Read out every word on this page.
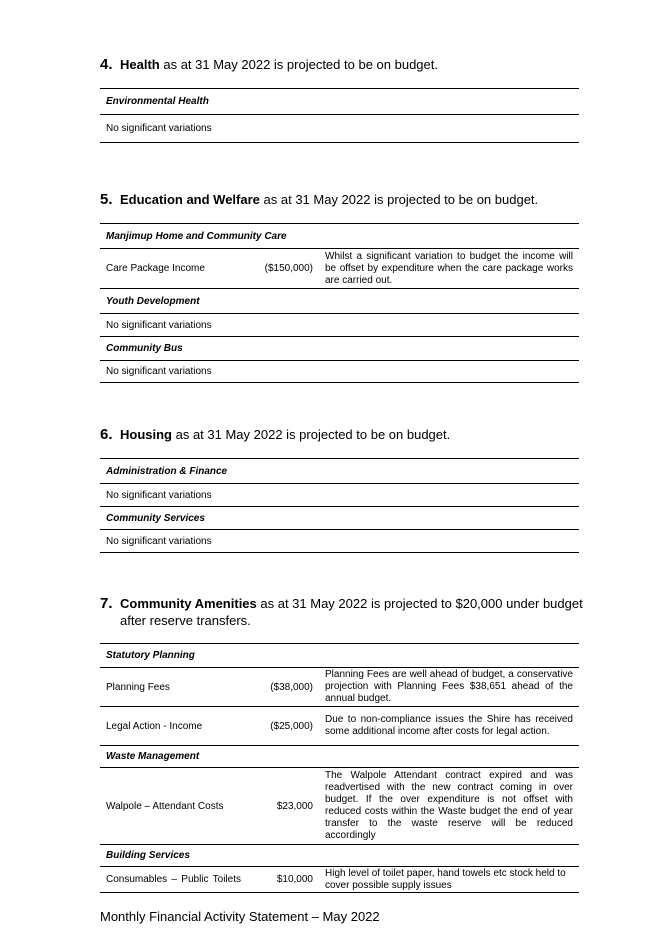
4. Health as at 31 May 2022 is projected to be on budget.
Environmental Health
No significant variations
5. Education and Welfare as at 31 May 2022 is projected to be on budget.
Manjimup Home and Community Care
Care Package Income	($150,000)	Whilst a significant variation to budget the income will be offset by expenditure when the care package works are carried out.
Youth Development
No significant variations
Community Bus
No significant variations
6. Housing as at 31 May 2022 is projected to be on budget.
Administration & Finance
No significant variations
Community Services
No significant variations
7. Community Amenities as at 31 May 2022 is projected to $20,000 under budget
after reserve transfers.
Statutory Planning		
Planning Fees	($38,000)	Planning Fees are well ahead of budget, a conservative projection with Planning Fees $38,651 ahead of the annual budget.
Legal Action - Income	($25,000)	Due to non-compliance issues the Shire has received some additional income after costs for legal action.
Waste Management		
Walpole – Attendant Costs	$23,000	The Walpole Attendant contract expired and was readvertised with the new contract coming in over budget. If the over expenditure is not offset with reduced costs within the Waste budget the end of year transfer to the waste reserve will be reduced accordingly
Building Services		
Consumables – Public Toilets	$10,000	High level of toilet paper, hand towels etc stock held to cover possible supply issues
Monthly Financial Activity Statement – May 2022
